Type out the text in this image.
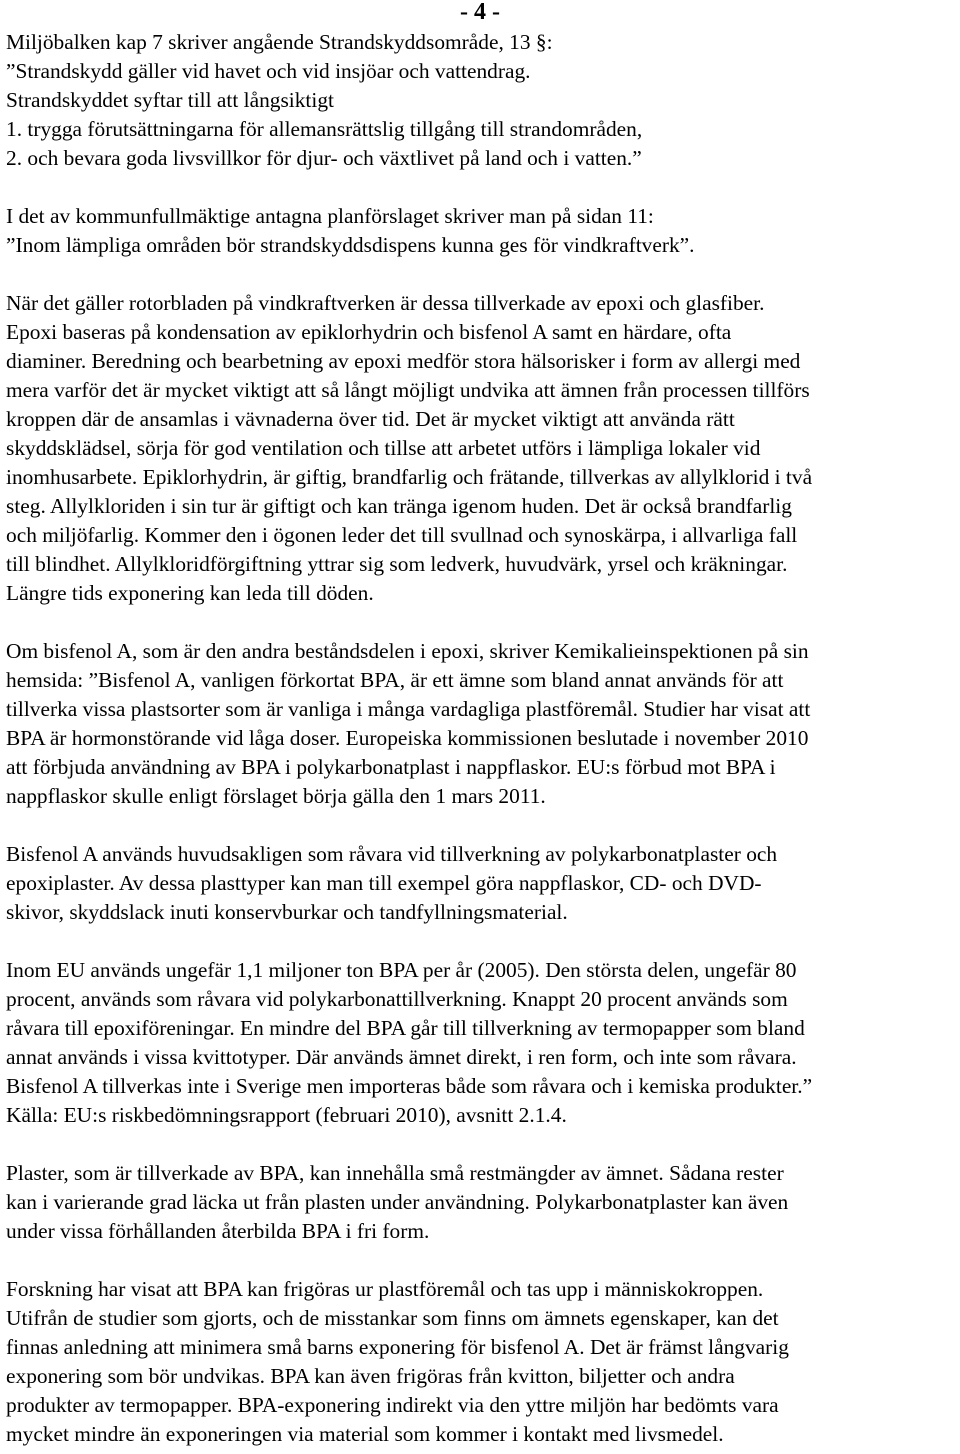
- 4 -

Miljöbalken kap 7 skriver angående Strandskyddsområde, 13 §:
”Strandskydd gäller vid havet och vid insjöar och vattendrag.
Strandskyddet syftar till att långsiktigt
1. trygga förutsättningarna för allemansrättslig tillgång till strandområden,
2. och bevara goda livsvillkor för djur- och växtlivet på land och i vatten.”

I det av kommunfullmäktige antagna planförslaget skriver man på sidan 11:
”Inom lämpliga områden bör strandskyddsdispens kunna ges för vindkraftverk”.

När det gäller rotorbladen på vindkraftverken är dessa tillverkade av epoxi och glasfiber.
Epoxi baseras på kondensation av epiklorhydrin och bisfenol A samt en härdare, ofta
diaminer. Beredning och bearbetning av epoxi medför stora hälsorisker i form av allergi med
mera varför det är mycket viktigt att så långt möjligt undvika att ämnen från processen tillförs
kroppen där de ansamlas i vävnaderna över tid. Det är mycket viktigt att använda rätt
skyddsklädsel, sörja för god ventilation och tillse att arbetet utförs i lämpliga lokaler vid
inomhusarbete. Epiklorhydrin, är giftig, brandfarlig och frätande, tillverkas av allylklorid i två
steg. Allylkloriden i sin tur är giftigt och kan tränga igenom huden. Det är också brandfarlig
och miljöfarlig. Kommer den i ögonen leder det till svullnad och synoskärpa, i allvarliga fall
till blindhet. Allylkloridförgiftning yttrar sig som ledverk, huvudvärk, yrsel och kräkningar.
Längre tids exponering kan leda till döden.

Om bisfenol A, som är den andra beståndsdelen i epoxi, skriver Kemikalieinspektionen på sin
hemsida: ”Bisfenol A, vanligen förkortat BPA, är ett ämne som bland annat används för att
tillverka vissa plastsorter som är vanliga i många vardagliga plastföremål. Studier har visat att
BPA är hormonstörande vid låga doser. Europeiska kommissionen beslutade i november 2010
att förbjuda användning av BPA i polykarbonatplast i nappflaskor. EU:s förbud mot BPA i
nappflaskor skulle enligt förslaget börja gälla den 1 mars 2011.

Bisfenol A används huvudsakligen som råvara vid tillverkning av polykarbonatplaster och
epoxiplaster. Av dessa plasttyper kan man till exempel göra nappflaskor, CD- och DVD-
skivor, skyddslack inuti konservburkar och tandfyllningsmaterial.

Inom EU används ungefär 1,1 miljoner ton BPA per år (2005). Den största delen, ungefär 80
procent, används som råvara vid polykarbonattillverkning. Knappt 20 procent används som
råvara till epoxiföreningar. En mindre del BPA går till tillverkning av termopapper som bland
annat används i vissa kvittotyper. Där används ämnet direkt, i ren form, och inte som råvara.
Bisfenol A tillverkas inte i Sverige men importeras både som råvara och i kemiska produkter.”
Källa: EU:s riskbedömningsrapport (februari 2010), avsnitt 2.1.4.

Plaster, som är tillverkade av BPA, kan innehålla små restmängder av ämnet. Sådana rester
kan i varierande grad läcka ut från plasten under användning. Polykarbonatplaster kan även
under vissa förhållanden återbilda BPA i fri form.

Forskning har visat att BPA kan frigöras ur plastföremål och tas upp i människokroppen.
Utifrån de studier som gjorts, och de misstankar som finns om ämnets egenskaper, kan det
finnas anledning att minimera små barns exponering för bisfenol A. Det är främst långvarig
exponering som bör undvikas. BPA kan även frigöras från kvitton, biljetter och andra
produkter av termopapper. BPA-exponering indirekt via den yttre miljön har bedömts vara
mycket mindre än exponeringen via material som kommer i kontakt med livsmedel.
